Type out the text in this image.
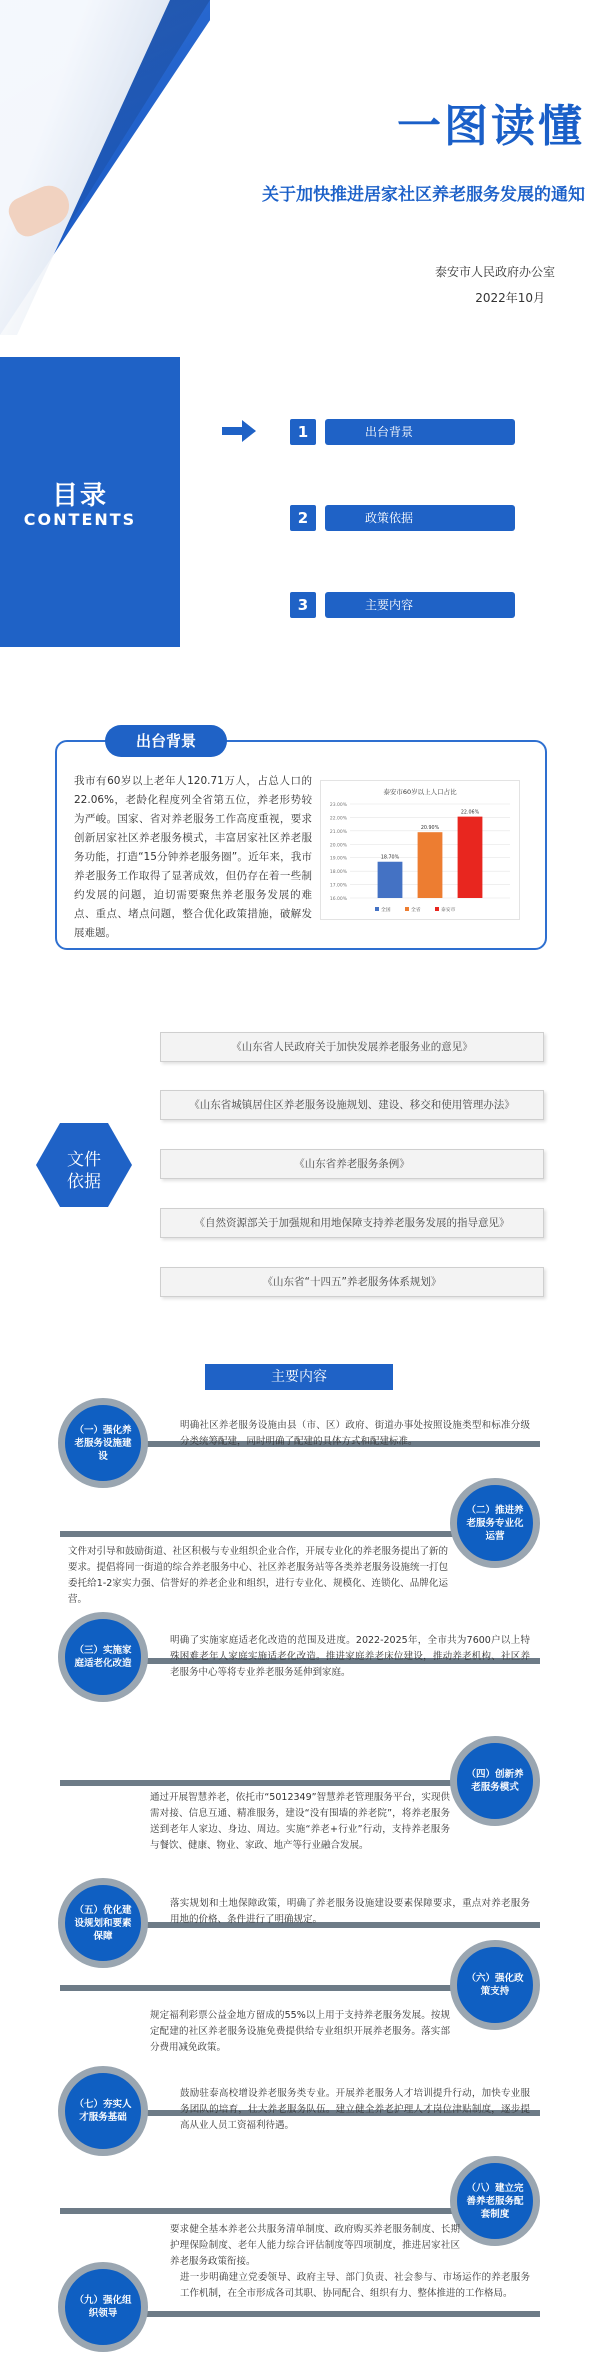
一图读懂
关于加快推进居家社区养老服务发展的通知
泰安市人民政府办公室
2022年10月
目录
CONTENTS
1	出台背景
2	政策依据
3	主要内容
出台背景
我市有60岁以上老年人120.71万人，占总人口的22.06%，老龄化程度列全省第五位，养老形势较为严峻。国家、省对养老服务工作高度重视，要求创新居家社区养老服务模式，丰富居家社区养老服务功能，打造“15分钟养老服务圈”。近年来，我市养老服务工作取得了显著成效，但仍存在着一些制约发展的问题，迫切需要聚焦养老服务发展的难点、重点、堵点问题，整合优化政策措施，破解发展难题。
泰安市60岁以上人口占比
23.00%
22.00%
21.00%
20.00%
19.00%
18.00%
17.00%
16.00%
18.70%
20.90%
22.06%
全国	全省	泰安市
《山东省人民政府关于加快发展养老服务业的意见》
《山东省城镇居住区养老服务设施规划、建设、移交和使用管理办法》
《山东省养老服务条例》
《自然资源部关于加强规和用地保障支持养老服务发展的指导意见》
《山东省“十四五”养老服务体系规划》
文件
依据
主要内容
（一）强化养老服务设施建设
明确社区养老服务设施由县（市、区）政府、街道办事处按照设施类型和标准分级分类统筹配建，同时明确了配建的具体方式和配建标准。
（二）推进养老服务专业化运营
文件对引导和鼓励街道、社区积极与专业组织企业合作，开展专业化的养老服务提出了新的要求。提倡将同一街道的综合养老服务中心、社区养老服务站等各类养老服务设施统一打包委托给1-2家实力强、信誉好的养老企业和组织，进行专业化、规模化、连锁化、品牌化运营。
（三）实施家庭适老化改造
明确了实施家庭适老化改造的范围及进度。2022-2025年，全市共为7600户以上特殊困难老年人家庭实施适老化改造。推进家庭养老床位建设，推动养老机构、社区养老服务中心等将专业养老服务延伸到家庭。
（四）创新养老服务模式
通过开展智慧养老，依托市“5012349”智慧养老管理服务平台，实现供需对接、信息互通、精准服务，建设“没有围墙的养老院”，将养老服务送到老年人家边、身边、周边。实施“养老+行业”行动，支持养老服务与餐饮、健康、物业、家政、地产等行业融合发展。
（五）优化建设规划和要素保障
落实规划和土地保障政策，明确了养老服务设施建设要素保障要求，重点对养老服务用地的价格、条件进行了明确规定。
（六）强化政策支持
规定福利彩票公益金地方留成的55%以上用于支持养老服务发展。按规定配建的社区养老服务设施免费提供给专业组织开展养老服务。落实部分费用减免政策。
（七）夯实人才服务基础
鼓励驻泰高校增设养老服务类专业。开展养老服务人才培训提升行动，加快专业服务团队的培育，壮大养老服务队伍。建立健全养老护理人才岗位津贴制度，逐步提高从业人员工资福利待遇。
（八）建立完善养老服务配套制度
要求健全基本养老公共服务清单制度、政府购买养老服务制度、长期护理保险制度、老年人能力综合评估制度等四项制度，推进居家社区养老服务政策衔接。
（九）强化组织领导
进一步明确建立党委领导、政府主导、部门负责、社会参与、市场运作的养老服务工作机制，在全市形成各司其职、协同配合、组织有力、整体推进的工作格局。
